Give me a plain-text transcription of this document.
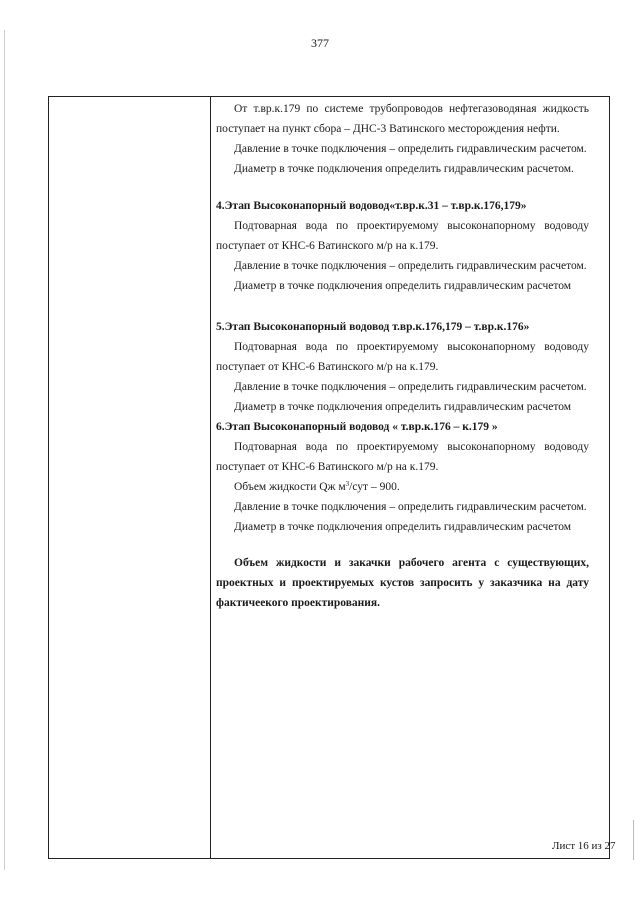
377

От т.вр.к.179 по системе трубопроводов нефтегазоводяная жидкость поступает на пункт сбора – ДНС-3 Ватинского месторождения нефти.

Давление в точке подключения – определить гидравлическим расчетом.

Диаметр в точке подключения определить гидравлическим расчетом.

4.Этап Высоконапорный водовод«т.вр.к.31 – т.вр.к.176,179»

Подтоварная вода по проектируемому высоконапорному водоводу поступает от КНС-6 Ватинского м/р на к.179.

Давление в точке подключения – определить гидравлическим расчетом.

Диаметр в точке подключения определить гидравлическим расчетом

5.Этап Высоконапорный водовод т.вр.к.176,179 – т.вр.к.176»

Подтоварная вода по проектируемому высоконапорному водоводу поступает от КНС-6 Ватинского м/р на к.179.

Давление в точке подключения – определить гидравлическим расчетом.

Диаметр в точке подключения определить гидравлическим расчетом

6.Этап Высоконапорный водовод « т.вр.к.176 – к.179 »

Подтоварная вода по проектируемому высоконапорному водоводу поступает от КНС-6 Ватинского м/р на к.179.

Объем жидкости Qж $м^3$/сут – 900.

Давление в точке подключения – определить гидравлическим расчетом.

Диаметр в точке подключения определить гидравлическим расчетом

Объем жидкости и закачки рабочего агента с существующих, проектных и проектируемых кустов запросить у заказчика на дату фактичеекого проектирования.

Лист 16 из 27
